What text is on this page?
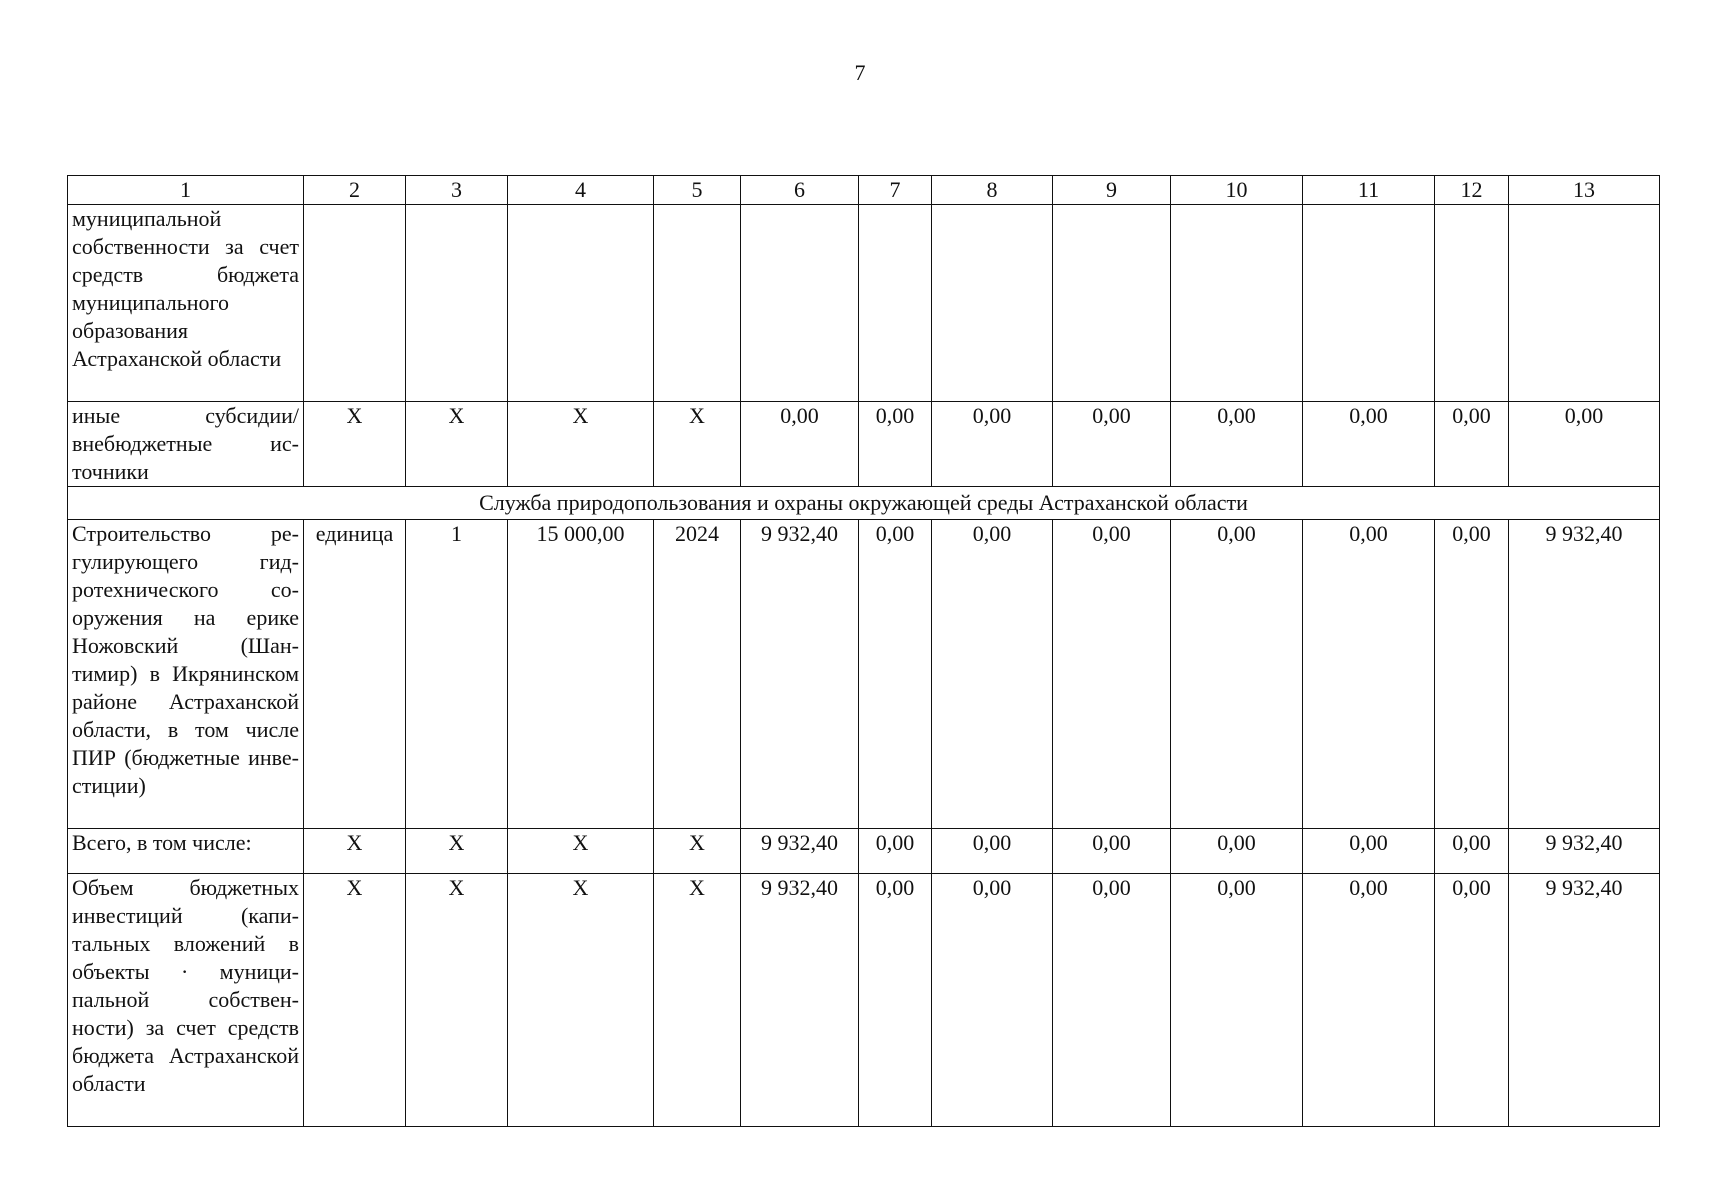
7
1	2	3	4	5	6	7	8	9	10	11	12	13
муниципальной собственности за счет средств бюджета муниципального образования Астраханской области												
иные субсидии/ внебюджетные источники	X	X	X	X	0,00	0,00	0,00	0,00	0,00	0,00	0,00	0,00
Служба природопользования и охраны окружающей среды Астраханской области												
Строительство регулирующего гидротехнического сооружения на ерике Ножовский (Шантимир) в Икрянинском районе Астраханской области, в том числе ПИР (бюджетные инвестиции)	единица	1	15 000,00	2024	9 932,40	0,00	0,00	0,00	0,00	0,00	0,00	9 932,40
Всего, в том числе:	X	X	X	X	9 932,40	0,00	0,00	0,00	0,00	0,00	0,00	9 932,40
Объем бюджетных инвестиций (капитальных вложений в объекты · муниципальной собственности) за счет средств бюджета Астраханской области	X	X	X	X	9 932,40	0,00	0,00	0,00	0,00	0,00	0,00	9 932,40
